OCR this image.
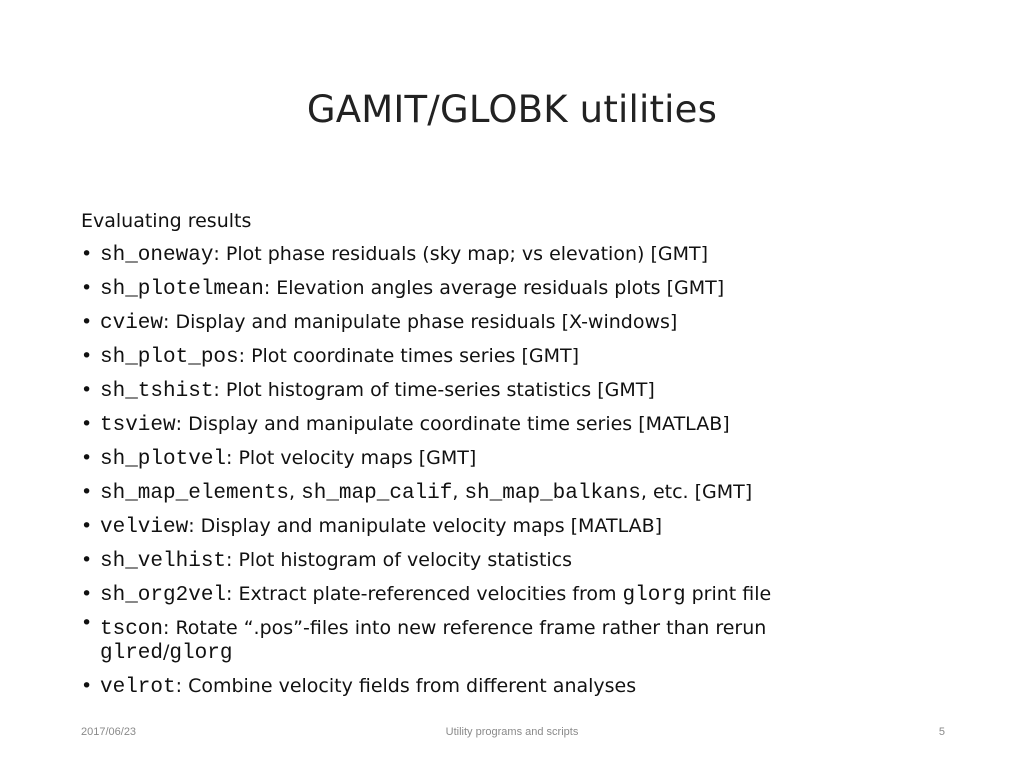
GAMIT/GLOBK utilities
Evaluating results
• sh_oneway: Plot phase residuals (sky map; vs elevation) [GMT]
• sh_plotelmean: Elevation angles average residuals plots [GMT]
• cview: Display and manipulate phase residuals [X-windows]
• sh_plot_pos: Plot coordinate times series [GMT]
• sh_tshist: Plot histogram of time-series statistics [GMT]
• tsview: Display and manipulate coordinate time series [MATLAB]
• sh_plotvel: Plot velocity maps [GMT]
• sh_map_elements, sh_map_calif, sh_map_balkans, etc. [GMT]
• velview: Display and manipulate velocity maps [MATLAB]
• sh_velhist: Plot histogram of velocity statistics
• sh_org2vel: Extract plate-referenced velocities from glorg print file
• tscon: Rotate “.pos”-files into new reference frame rather than rerun
glred/glorg
• velrot: Combine velocity fields from different analyses
2017/06/23	Utility programs and scripts	5
